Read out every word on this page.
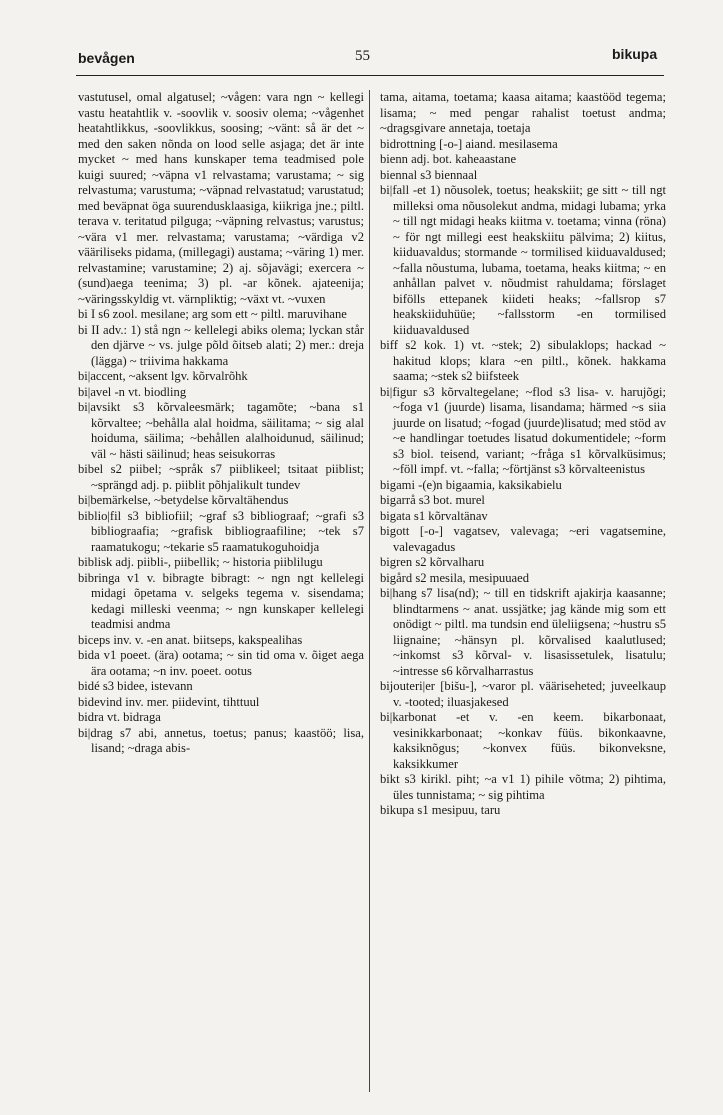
bevågen	55	bikupa

vastutusel, omal algatusel; ~vågen: vara ngn ~ kellegi vastu heatahtlik v. -soovlik v. soosiv olema; ~vågenhet heatahtlikkus, -soovlikkus, soosing; ~vänt: så är det ~ med den saken nõnda on lood selle asjaga; det är inte mycket ~ med hans kunskaper tema teadmised pole kuigi suured; ~väpna v1 relvastama; varustama; ~ sig relvastuma; varustuma; ~väpnad relvastatud; varustatud; med beväpnat öga suurendusklaasiga, kiikriga jne.; piltl. terava v. teritatud pilguga; ~väpning relvastus; varustus; ~värа v1 mer. relvastama; varustama; ~värdiga v2 vääriliseks pidama, (millegagi) austama; ~väring 1) mer. relvastamine; varustamine; 2) aj. sõjavägi; exercera ~ (sund)aega teenima; 3) pl. -ar kõnek. ajateenija; ~väringsskyldig vt. värnpliktig; ~växt vt. ~vuxen

bi I s6 zool. mesilane; arg som ett ~ piltl. maruvihane

bi II adv.: 1) stå ngn ~ kellelegi abiks olema; lyckan står den djärve ~ vs. julge põld õitseb alati; 2) mer.: dreja (lägga) ~ triivima hakkama

bi|accent, ~aksent lgv. kõrvalrõhk

bi|avel -n vt. biodling

bi|avsikt s3 kõrvaleesmärk; tagamõte; ~bana s1 kõrvaltee; ~behålla alal hoidma, säilitama; ~ sig alal hoiduma, säilima; ~behållen alalhoidunud, säilinud; väl ~ hästi säilinud; heas seisukorras

bibel s2 piibel; ~språk s7 piiblikeel; tsitaat piiblist; ~sprängd adj. p. piiblit põhjalikult tundev

bi|bemärkelse, ~betydelse kõrvaltähendus

biblio|fil s3 bibliofiil; ~graf s3 bibliograaf; ~grafi s3 bibliograafia; ~grafisk bibliograafiline; ~tek s7 raamatukogu; ~tekarie s5 raamatukoguhoidja

biblisk adj. piibli-, piibellik; ~ historia piiblilugu

bibringa v1 v. bibragte bibragt: ~ ngn ngt kellelegi midagi õpetama v. selgeks tegema v. sisendama; kedagi milleski veenma; ~ ngn kunskaper kellelegi teadmisi andma

biceps inv. v. -en anat. biitseps, kakspealihas

bida v1 poeet. (ära) ootama; ~ sin tid oma v. õiget aega ära ootama; ~n inv. poeet. ootus

bidé s3 bidee, istevann

bidevind inv. mer. piidevint, tihttuul

bidra vt. bidraga

bi|drag s7 abi, annetus, toetus; panus; kaastöö; lisa, lisand; ~draga abis-

tama, aitama, toetama; kaasa aitama; kaastööd tegema; lisama; ~ med pengar rahalist toetust andma; ~dragsgivare annetaja, toetaja

bidrottning [-o-] aiand. mesilasema

bienn adj. bot. kaheaastane

biennal s3 biennaal

bi|fall -et 1) nõusolek, toetus; heakskiit; ge sitt ~ till ngt milleksi oma nõusolekut andma, midagi lubama; yrka ~ till ngt midagi heaks kiitma v. toetama; vinna (röna) ~ för ngt millegi eest heakskiitu pälvima; 2) kiitus, kiiduavaldus; stormande ~ tormilised kiiduavaldused; ~falla nõustuma, lubama, toetama, heaks kiitma; ~ en anhållan palvet v. nõudmist rahuldama; förslaget bifölls ettepanek kiideti heaks; ~fallsrop s7 heakskiiduhüüe; ~fallsstorm -en tormilised kiiduavaldused

biff s2 kok. 1) vt. ~stek; 2) sibulaklops; hackad ~ hakitud klops; klara ~en piltl., kõnek. hakkama saama; ~stek s2 biifsteek

bi|figur s3 kõrvaltegelane; ~flod s3 lisa- v. harujõgi; ~foga v1 (juurde) lisama, lisandama; härmed ~s siia juurde on lisatud; ~fogad (juurde)lisatud; med stöd av ~e handlingar toetudes lisatud dokumentidele; ~form s3 biol. teisend, variant; ~fråga s1 kõrvalküsimus; ~föll impf. vt. ~falla; ~förtjänst s3 kõrvalteenistus

bigami -(e)n bigaamia, kaksikabielu

bigarrå s3 bot. murel

bigata s1 kõrvaltänav

bigott [-o-] vagatsev, valevaga; ~eri vagatsemine, valevagadus

bigren s2 kõrvalharu

bigård s2 mesila, mesipuuaed

bi|hang s7 lisa(nd); ~ till en tidskrift ajakirja kaasanne; blindtarmens ~ anat. ussjätke; jag kände mig som ett onödigt ~ piltl. ma tundsin end üleliigsena; ~hustru s5 liignaine; ~hänsyn pl. kõrvalised kaalutlused; ~inkomst s3 kõrval- v. lisasissetulek, lisatulu; ~intresse s6 kõrvalharrastus

bijouteri|er [bišu-], ~varor pl. vääriseheted; juveelkaup v. -tooted; iluasjakesed

bi|karbonat -et v. -en keem. bikarbonaat, vesinikkarbonaat; ~konkav füüs. bikonkaavne, kaksiknõgus; ~konvex füüs. bikonveksne, kaksikkumer

bikt s3 kirikl. piht; ~a v1 1) pihile võtma; 2) pihtima, üles tunnistama; ~ sig pihtima

bikupa s1 mesipuu, taru
